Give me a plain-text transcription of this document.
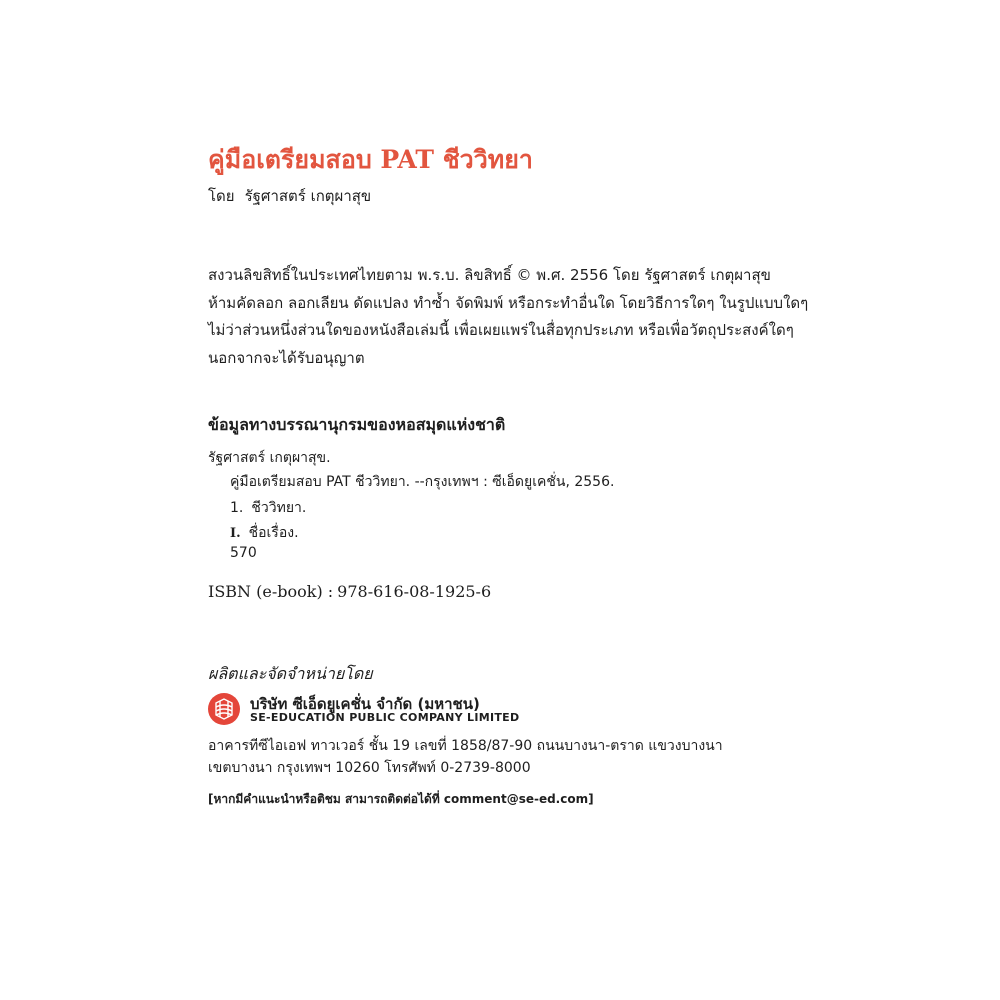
คู่มือเตรียมสอบ PAT ชีววิทยา
โดย รัฐศาสตร์ เกตุผาสุข
สงวนลิขสิทธิ์ในประเทศไทยตาม พ.ร.บ. ลิขสิทธิ์ © พ.ศ. 2556 โดย รัฐศาสตร์ เกตุผาสุข
ห้ามคัดลอก ลอกเลียน ดัดแปลง ทำซ้ำ จัดพิมพ์ หรือกระทำอื่นใด โดยวิธีการใดๆ ในรูปแบบใดๆ
ไม่ว่าส่วนหนึ่งส่วนใดของหนังสือเล่มนี้ เพื่อเผยแพร่ในสื่อทุกประเภท หรือเพื่อวัตถุประสงค์ใดๆ
นอกจากจะได้รับอนุญาต
ข้อมูลทางบรรณานุกรมของหอสมุดแห่งชาติ
รัฐศาสตร์ เกตุผาสุข.
คู่มือเตรียมสอบ PAT ชีววิทยา. --กรุงเทพฯ : ซีเอ็ดยูเคชั่น, 2556.
1. ชีววิทยา.
I. ชื่อเรื่อง.
570
ISBN (e-book) : 978-616-08-1925-6
ผลิตและจัดจำหน่ายโดย
บริษัท ซีเอ็ดยูเคชั่น จำกัด (มหาชน)
SE-EDUCATION PUBLIC COMPANY LIMITED
อาคารทีซีไอเอฟ ทาวเวอร์ ชั้น 19 เลขที่ 1858/87-90 ถนนบางนา-ตราด แขวงบางนา
เขตบางนา กรุงเทพฯ 10260 โทรศัพท์ 0-2739-8000
[หากมีคำแนะนำหรือติชม สามารถติดต่อได้ที่ comment@se-ed.com]
